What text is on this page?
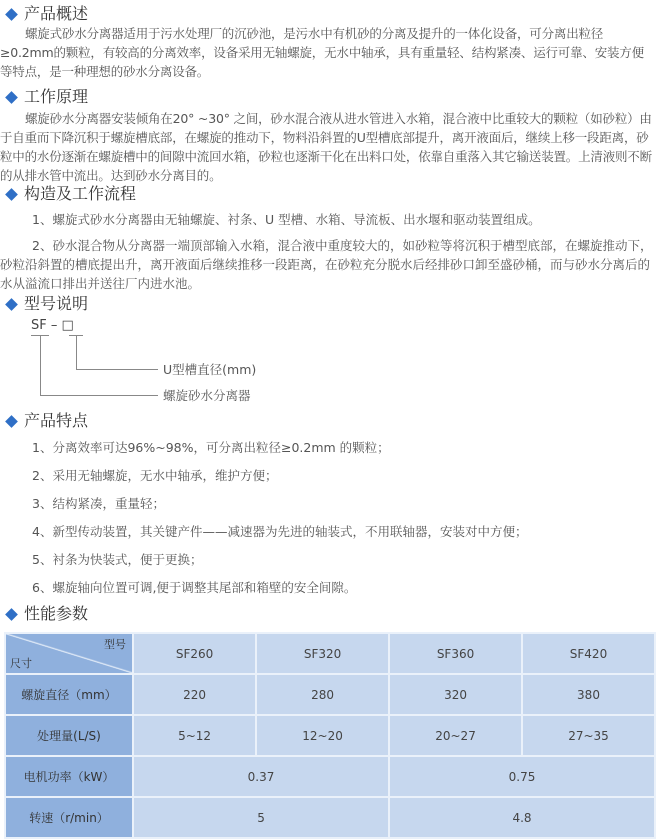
产品概述

螺旋式砂水分离器适用于污水处理厂的沉砂池，是污水中有机砂的分离及提升的一体化设备，可分离出粒径≥0.2mm的颗粒，有较高的分离效率，设备采用无轴螺旋，无水中轴承，具有重量轻、结构紧凑、运行可靠、安装方便等特点，是一种理想的砂水分离设备。

工作原理

螺旋砂水分离器安装倾角在20° ~30° 之间，砂水混合液从进水管进入水箱，混合液中比重较大的颗粒（如砂粒）由于自重而下降沉积于螺旋槽底部，在螺旋的推动下，物料沿斜置的U型槽底部提升，离开液面后，继续上移一段距离，砂粒中的水份逐渐在螺旋槽中的间隙中流回水箱，砂粒也逐渐干化在出料口处，依靠自重落入其它输送装置。上清液则不断的从排水管中流出。达到砂水分离目的。

构造及工作流程
1、螺旋式砂水分离器由无轴螺旋、衬条、U 型槽、水箱、导流板、出水堰和驱动装置组成。
2、砂水混合物从分离器一端顶部输入水箱，混合液中重度较大的，如砂粒等将沉积于槽型底部，在螺旋推动下，砂粒沿斜置的槽底提出升，离开液面后继续推移一段距离，在砂粒充分脱水后经排砂口卸至盛砂桶，而与砂水分离后的水从溢流口排出并送往厂内进水池。
型号说明
SF – □
U型槽直径(mm)
螺旋砂水分离器
产品特点
1、分离效率可达96%~98%，可分离出粒径≥0.2mm 的颗粒；
2、采用无轴螺旋，无水中轴承，维护方便；
3、结构紧凑，重量轻；
4、新型传动装置，其关键产件——减速器为先进的轴装式，不用联轴器，安装对中方便；
5、衬条为快装式，便于更换；
6、螺旋轴向位置可调,便于调整其尾部和箱壁的安全间隙。
性能参数
型号
尺寸	SF260	SF320	SF360	SF420
螺旋直径（mm）	220	280	320	380
处理量(L/S)	5~12	12~20	20~27	27~35
电机功率（kW）	0.37		0.75	
转速（r/min）	5		4.8	
